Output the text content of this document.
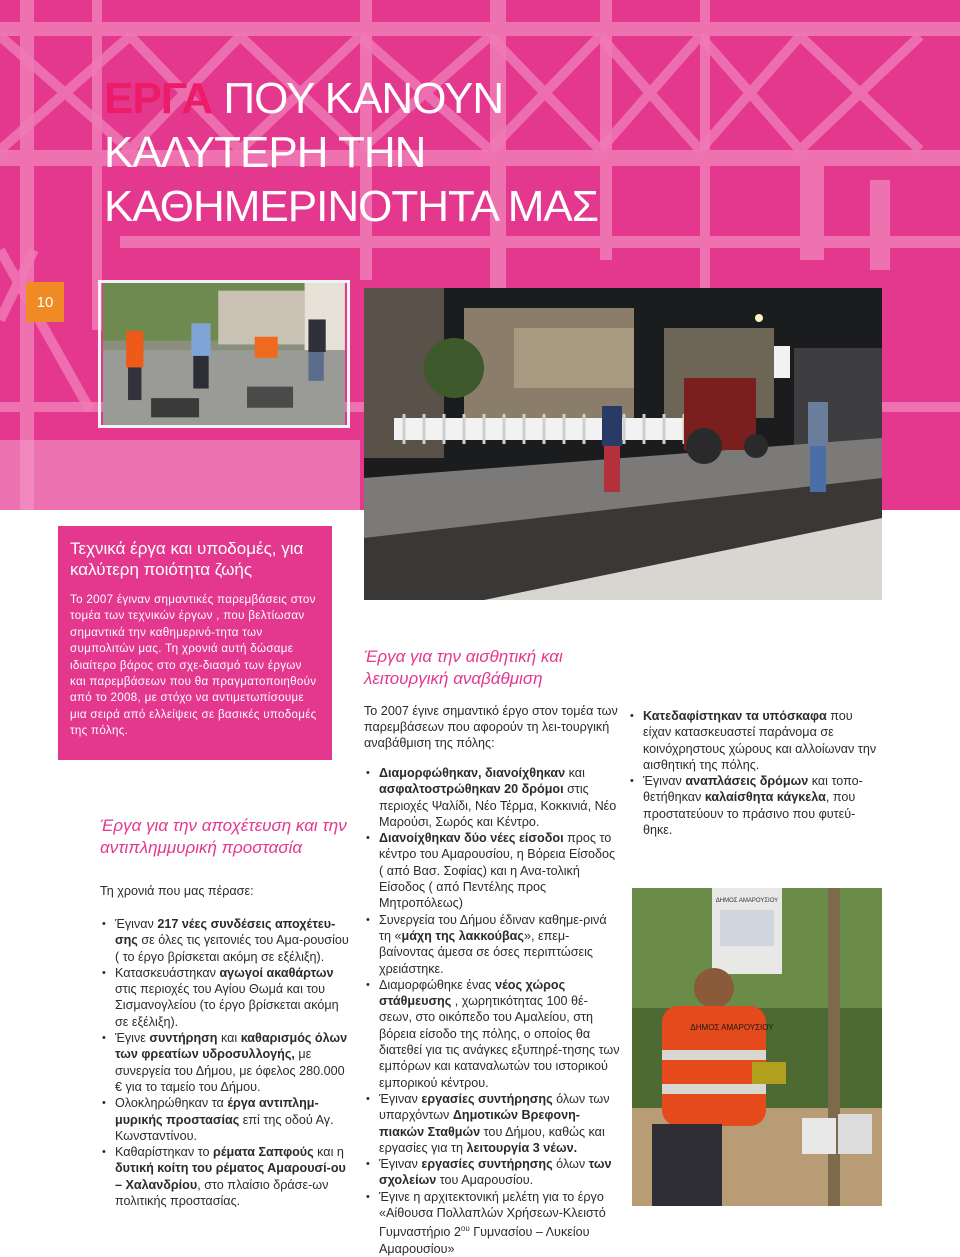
ΕΡΓΑ ΠΟΥ ΚΑΝΟΥΝ
ΚΑΛΥΤΕΡΗ ΤΗΝ
ΚΑΘΗΜΕΡΙΝΟΤΗΤΑ ΜΑΣ
10
Τεχνικά έργα και υποδομές, για καλύτερη ποιότητα ζωής

Το 2007 έγιναν σημαντικές παρεμβάσεις στον τομέα των τεχνικών έργων , που βελτίωσαν σημαντικά την καθημερινό-τητα των συμπολιτών μας. Τη χρονιά αυτή δώσαμε ιδιαίτερο βάρος στο σχε-διασμό των έργων και παρεμβάσεων που θα πραγματοποιηθούν από το 2008, με στόχο να αντιμετωπίσουμε μια σειρά από ελλείψεις σε βασικές υποδομές της πόλης.

Έργα για την αποχέτευση και την αντιπλημμυρική προστασία

Τη χρονιά που μας πέρασε:

• Έγιναν 217 νέες συνδέσεις αποχέτευ-σης σε όλες τις γειτονιές του Αμα-ρουσίου ( το έργο βρίσκεται ακόμη σε εξέλιξη).
• Κατασκευάστηκαν αγωγοί ακαθάρτων στις περιοχές του Αγίου Θωμά και του Σισμανογλείου (το έργο βρίσκεται ακόμη σε εξέλιξη).
• Έγινε συντήρηση και καθαρισμός όλων των φρεατίων υδροσυλλογής, με συνεργεία του Δήμου, με όφελος 280.000 € για το ταμείο του Δήμου.
• Ολοκληρώθηκαν τα έργα αντιπλημ-μυρικής προστασίας επί της οδού Αγ. Κωνσταντίνου.
• Καθαρίστηκαν το ρέματα Σαπφούς και η δυτική κοίτη του ρέματος Αμαρουσί-ου – Χαλανδρίου, στο πλαίσιο δράσε-ων πολιτικής προστασίας.
Έργα για την αισθητική και λειτουργική αναβάθμιση

Το 2007 έγινε σημαντικό έργο στον τομέα των παρεμβάσεων που αφορούν τη λει-τουργική αναβάθμιση της πόλης:

• Διαμορφώθηκαν, διανοίχθηκαν και ασφαλτοστρώθηκαν 20 δρόμοι στις περιοχές Ψαλίδι, Νέο Τέρμα, Κοκκινιά, Νέο Μαρούσι, Σωρός και Κέντρο.
• Διανοίχθηκαν δύο νέες είσοδοι προς το κέντρο του Αμαρουσίου, η Βόρεια Είσοδος ( από Βασ. Σοφίας) και η Ανα-τολική Είσοδος ( από Πεντέλης προς Μητροπόλεως)
• Συνεργεία του Δήμου έδιναν καθημε-ρινά τη «μάχη της λακκούβας», επεμ-βαίνοντας άμεσα σε όσες περιπτώσεις χρειάστηκε.
• Διαμορφώθηκε ένας νέος χώρος στάθμευσης , χωρητικότητας 100 θέ-σεων, στο οικόπεδο του Αμαλείου, στη βόρεια είσοδο της πόλης, ο οποίος θα διατεθεί για τις ανάγκες εξυπηρέ-τησης των εμπόρων και καταναλωτών του ιστορικού εμπορικού κέντρου.
• Έγιναν εργασίες συντήρησης όλων των υπαρχόντων Δημοτικών Βρεφονη-πιακών Σταθμών του Δήμου, καθώς και εργασίες για τη λειτουργία 3 νέων.
• Έγιναν εργασίες συντήρησης όλων των σχολείων του Αμαρουσίου.
• Έγινε η αρχιτεκτονική μελέτη για το έργο «Αίθουσα Πολλαπλών Χρήσεων-Κλειστό Γυμναστήριο $2^{o\upsilon}$ Γυμνασίου – Λυκείου Αμαρουσίου»
• Κατεδαφίστηκαν τα υπόσκαφα που είχαν κατασκευαστεί παράνομα σε κοινόχρηστους χώρους και αλλοίωναν την αισθητική της πόλης.
• Έγιναν αναπλάσεις δρόμων και τοπο-θετήθηκαν καλαίσθητα κάγκελα, που προστατεύουν το πράσινο που φυτεύ-θηκε.
ΔΗΜΟΣ ΑΜΑΡΟΥΣΙΟΥ
ΔΗΜΟΣ ΑΜΑΡΟΥΣΙΟΥ
